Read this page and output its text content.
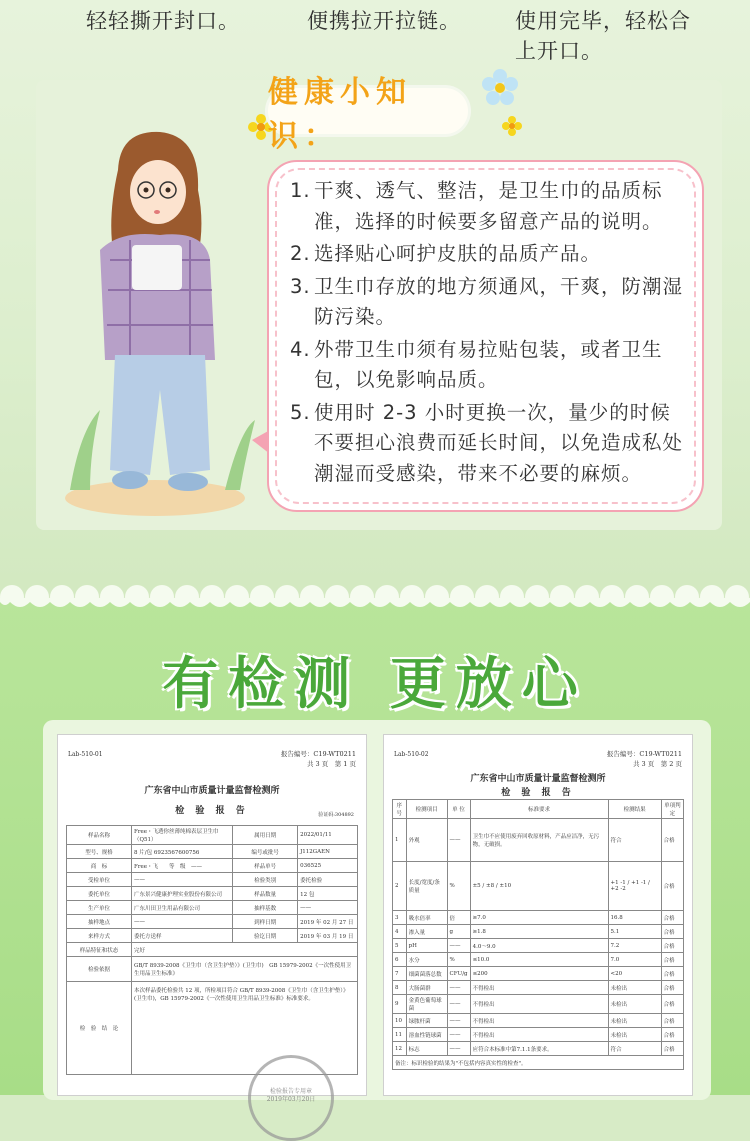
轻轻撕开封口。	便携拉开拉链。	使用完毕，轻松合上开口。
健康小知识：
1. 干爽、透气、整洁，是卫生巾的品质标准，选择的时候要多留意产品的说明。
2. 选择贴心呵护皮肤的品质产品。
3. 卫生巾存放的地方须通风，干爽，防潮湿防污染。
4. 外带卫生巾须有易拉贴包装，或者卫生包，以免影响品质。
5. 使用时 2-3 小时更换一次，量少的时候不要担心浪费而延长时间，以免造成私处潮湿而受感染，带来不必要的麻烦。
有检测 更放心
Lab-510-01	报告编号：C19-WT0211
共 3 页　第 1 页
广东省中山市质量计量监督检测所
检 验 报 告	验证码:304892
样品名称	Free・飞透你丝薄纯棉表层卫生巾（Q51）	属用日期	2022/01/11
型号、规格	8 片/包 6923567600756	编号或批号	J112GAEN
商　标	Free・飞　　等　级　——	样品单号	036525
受检单位	——	检验类别	委托检验
委托单位	广东景兴健康护理实业股份有限公司	样品数量	12 包
生产单位	广东川田卫生用品有限公司	抽样基数	——
抽样地点	——	到样日期	2019 年 02 月 27 日
来样方式	委托方送样	验讫日期	2019 年 03 月 19 日
样品特征和状态	完好		
检验依据	GB/T 8939-2008《卫生巾（含卫生护垫）》(卫生巾)　GB 15979-2002《一次性使用卫生用品卫生标准》		
检　验　结　论	本次样品委托检验共 12 项，所检项目符合 GB/T 8939-2008《卫生巾（含卫生护垫）》(卫生巾)，GB 15979-2002《一次性使用卫生用品卫生标准》标准要求。		
检验报告专用章
2019年03月20日
Lab-510-02	报告编号：C19-WT0211
共 3 页　第 2 页
广东省中山市质量计量监督检测所
检 验 报 告
序号	检测项目	单 位	标准要求	检测结果	单项判定
1	外观	——	卫生巾不应使用废弃回收原材料，产品应洁净，无污物，无破损。	符合	合格
2	长度/宽度/条质量	%	±5 / ±8 / ±10	+1 -1 / +1 -1 / +2 -2	合格
3	吸水倍率	倍	≥7.0	16.8	合格
4	渗入量	g	≥1.8	5.1	合格
5	pH	——	4.0～9.0	7.2	合格
6	水分	%	≤10.0	7.0	合格
7	细菌菌落总数	CFU/g	≤200	<20	合格
8	大肠菌群	——	不得检出	未检出	合格
9	金黄色葡萄球菌	——	不得检出	未检出	合格
10	绿脓杆菌	——	不得检出	未检出	合格
11	溶血性链球菌	——	不得检出	未检出	合格
12	标志	——	应符合本标准中第7.1.1条要求。	符合	合格
备注：标识检验的结果为"不包括内容真实性的检查"。					
